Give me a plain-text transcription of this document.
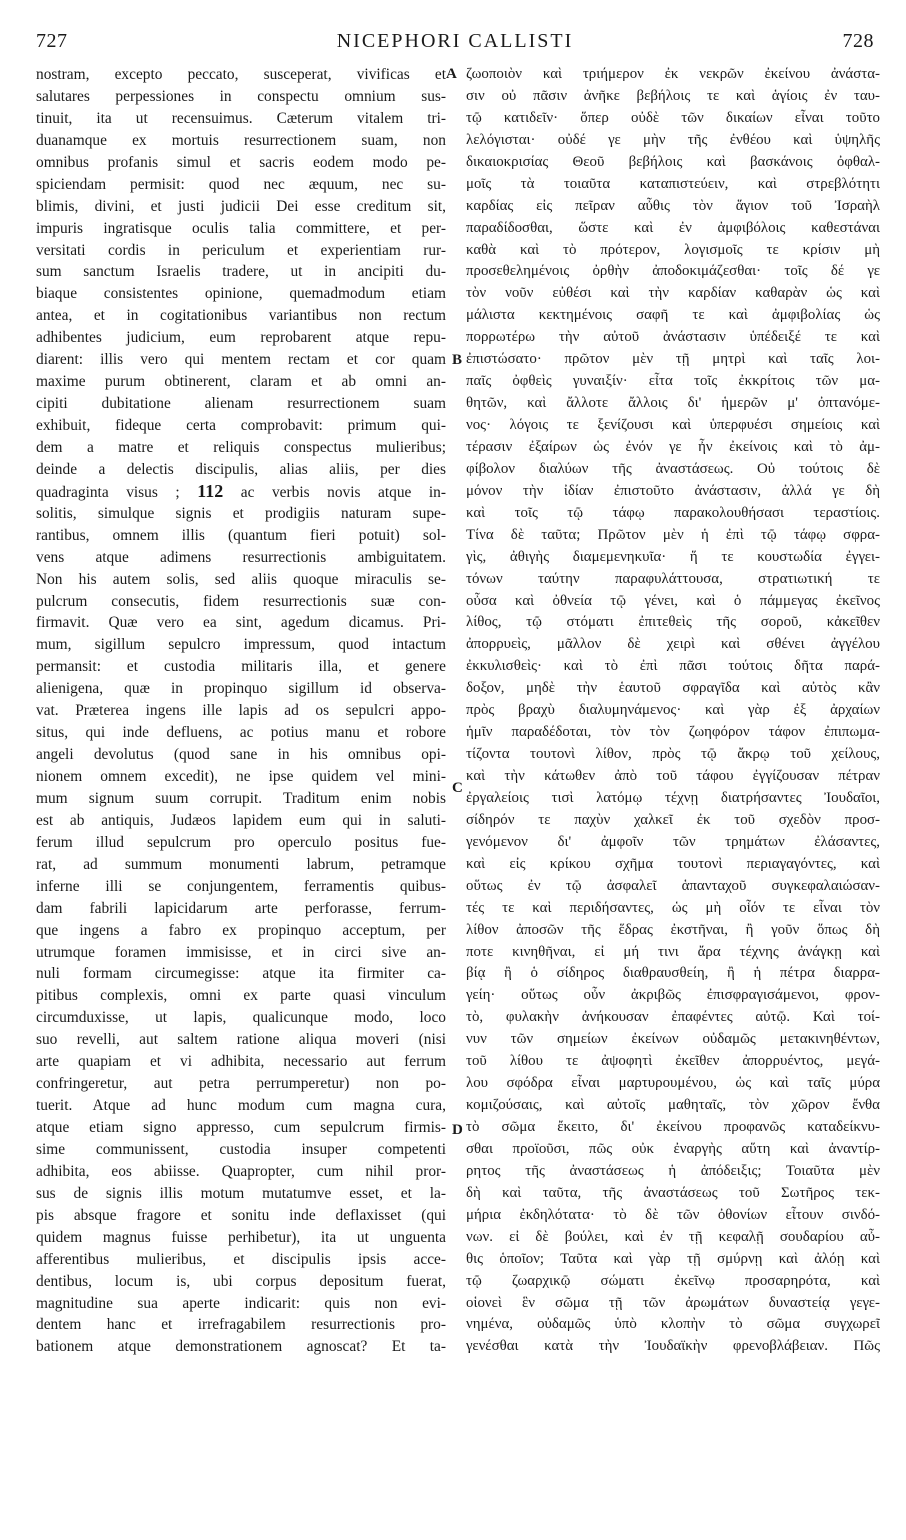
727	NICEPHORI CALLISTI	728
nostram, excepto peccato, susceperat, vivificas et
salutares perpessiones in conspectu omnium sus-
tinuit, ita ut recensuimus. Cæterum vitalem tri-
duanamque ex mortuis resurrectionem suam, non
omnibus profanis simul et sacris eodem modo pe-
spiciendam permisit: quod nec æquum, nec su-
blimis, divini, et justi judicii Dei esse creditum sit,
impuris ingratisque oculis talia committere, et per-
versitati cordis in periculum et experientiam rur-
sum sanctum Israelis tradere, ut in ancipiti du-
biaque consistentes opinione, quemadmodum etiam
antea, et in cogitationibus variantibus non rectum
adhibentes judicium, eum reprobarent atque repu-
diarent: illis vero qui mentem rectam et cor quam
maxime purum obtinerent, claram et ab omni an-
cipiti dubitatione alienam resurrectionem suam
exhibuit, fideque certa comprobavit: primum qui-
dem a matre et reliquis conspectus mulieribus;
deinde a delectis discipulis, alias aliis, per dies
quadraginta visus ; 112 ac verbis novis atque in-
solitis, simulque signis et prodigiis naturam supe-
rantibus, omnem illis (quantum fieri potuit) sol-
vens atque adimens resurrectionis ambiguitatem.
Non his autem solis, sed aliis quoque miraculis se-
pulcrum consecutis, fidem resurrectionis suæ con-
firmavit. Quæ vero ea sint, agedum dicamus. Pri-
mum, sigillum sepulcro impressum, quod intactum
permansit: et custodia militaris illa, et genere
alienigena, quæ in propinquo sigillum id observa-
vat. Præterea ingens ille lapis ad os sepulcri appo-
situs, qui inde defluens, ac potius manu et robore
angeli devolutus (quod sane in his omnibus opi-
nionem omnem excedit), ne ipse quidem vel mini-
mum signum suum corrupit. Traditum enim nobis
est ab antiquis, Judæos lapidem eum qui in saluti-
ferum illud sepulcrum pro operculo positus fue-
rat, ad summum monumenti labrum, petramque
inferne illi se conjungentem, ferramentis quibus-
dam fabrili lapicidarum arte perforasse, ferrum-
que ingens a fabro ex propinquo acceptum, per
utrumque foramen immisisse, et in circi sive an-
nuli formam circumegisse: atque ita firmiter ca-
pitibus complexis, omni ex parte quasi vinculum
circumduxisse, ut lapis, qualicunque modo, loco
suo revelli, aut saltem ratione aliqua moveri (nisi
arte quapiam et vi adhibita, necessario aut ferrum
confringeretur, aut petra perrumperetur) non po-
tuerit. Atque ad hunc modum cum magna cura,
atque etiam signo appresso, cum sepulcrum firmis-
sime communissent, custodia insuper competenti
adhibita, eos abiisse. Quapropter, cum nihil pror-
sus de signis illis motum mutatumve esset, et la-
pis absque fragore et sonitu inde deflaxisset (qui
quidem magnus fuisse perhibetur), ita ut unguenta
afferentibus mulieribus, et discipulis ipsis acce-
dentibus, locum is, ubi corpus depositum fuerat,
magnitudine sua aperte indicarit: quis non evi-
dentem hanc et irrefragabilem resurrectionis pro-
bationem atque demonstrationem agnoscat? Et ta-
ζωοποιὸν καὶ τριήμερον ἐκ νεκρῶν ἐκείνου ἀνάστα-
σιν οὐ πᾶσιν ἀνῆκε βεβήλοις τε καὶ ἁγίοις ἐν ταυ-
τῷ κατιδεῖν· ὅπερ οὐδὲ τῶν δικαίων εἶναι τοῦτο
λελόγισται· οὐδέ γε μὴν τῆς ἐνθέου καὶ ὑψηλῆς
δικαιοκρισίας Θεοῦ βεβήλοις καὶ βασκάνοις ὀφθαλ-
μοῖς τὰ τοιαῦτα καταπιστεύειν, καὶ στρεβλότητι
καρδίας εἰς πεῖραν αὖθις τὸν ἅγιον τοῦ Ἰσραὴλ
παραδίδοσθαι, ὥστε καὶ ἐν ἀμφιβόλοις καθεστάναι
καθὰ καὶ τὸ πρότερον, λογισμοῖς τε κρίσιν μὴ
προσεθελημένοις ὀρθὴν ἀποδοκιμάζεσθαι· τοῖς δέ γε
τὸν νοῦν εὐθέσι καὶ τὴν καρδίαν καθαρὰν ὡς καὶ
μάλιστα κεκτημένοις σαφῆ τε καὶ ἀμφιβολίας ὡς
πορρωτέρω τὴν αὐτοῦ ἀνάστασιν ὑπέδειξέ τε καὶ
ἐπιστώσατο· πρῶτον μὲν τῇ μητρὶ καὶ ταῖς λοι-
παῖς ὀφθεὶς γυναιξίν· εἶτα τοῖς ἐκκρίτοις τῶν μα-
θητῶν, καὶ ἄλλοτε ἄλλοις δι' ἡμερῶν μ' ὀπτανόμε-
νος· λόγοις τε ξενίζουσι καὶ ὑπερφυέσι σημείοις καὶ
τέρασιν ἐξαίρων ὡς ἐνόν γε ἦν ἐκείνοις καὶ τὸ ἀμ-
φίβολον διαλύων τῆς ἀναστάσεως. Οὐ τούτοις δὲ
μόνον τὴν ἰδίαν ἐπιστοῦτο ἀνάστασιν, ἀλλά γε δὴ
καὶ τοῖς τῷ τάφῳ παρακολουθήσασι τεραστίοις.
Τίνα δὲ ταῦτα; Πρῶτον μὲν ἡ ἐπὶ τῷ τάφῳ σφρα-
γὶς, ἀθιγὴς διαμεμενηκυῖα· ἥ τε κουστωδία ἐγγει-
τόνων ταύτην παραφυλάττουσα, στρατιωτική τε
οὖσα καὶ ὀθνεία τῷ γένει, καὶ ὁ πάμμεγας ἐκεῖνος
λίθος, τῷ στόματι ἐπιτεθεὶς τῆς σοροῦ, κἀκεῖθεν
ἀπορρυεὶς, μᾶλλον δὲ χειρὶ καὶ σθένει ἀγγέλου
ἐκκυλισθεὶς· καὶ τὸ ἐπὶ πᾶσι τούτοις δῆτα παρά-
δοξον, μηδὲ τὴν ἑαυτοῦ σφραγῖδα καὶ αὐτὸς κἂν
πρὸς βραχὺ διαλυμηνάμενος· καὶ γὰρ ἐξ ἀρχαίων
ἡμῖν παραδέδοται, τὸν τὸν ζωηφόρον τάφον ἐπιπωμα-
τίζοντα τουτονὶ λίθον, πρὸς τῷ ἄκρῳ τοῦ χείλους,
καὶ τὴν κάτωθεν ἀπὸ τοῦ τάφου ἐγγίζουσαν πέτραν
ἐργαλείοις τισὶ λατόμῳ τέχνῃ διατρήσαντες Ἰουδαῖοι,
σίδηρόν τε παχὺν χαλκεῖ ἐκ τοῦ σχεδὸν προσ-
γενόμενον δι' ἀμφοῖν τῶν τρημάτων ἐλάσαντες,
καὶ εἰς κρίκου σχῆμα τουτονὶ περιαγαγόντες, καὶ
οὕτως ἐν τῷ ἀσφαλεῖ ἁπανταχοῦ συγκεφαλαιώσαν-
τές τε καὶ περιδήσαντες, ὡς μὴ οἷόν τε εἶναι τὸν
λίθον ἀποσῶν τῆς ἕδρας ἐκστῆναι, ἢ γοῦν ὅπως δὴ
ποτε κινηθῆναι, εἰ μή τινι ἄρα τέχνης ἀνάγκῃ καὶ
βίᾳ ἢ ὁ σίδηρος διαθραυσθείη, ἢ ἡ πέτρα διαρρα-
γείη· οὕτως οὖν ἀκριβῶς ἐπισφραγισάμενοι, φρον-
τὸ, φυλακὴν ἀνήκουσαν ἐπαφέντες αὐτῷ. Καὶ τοί-
νυν τῶν σημείων ἐκείνων οὐδαμῶς μετακινηθέντων,
τοῦ λίθου τε ἀψοφητὶ ἐκεῖθεν ἀπορρυέντος, μεγά-
λου σφόδρα εἶναι μαρτυρουμένου, ὡς καὶ ταῖς μύρα
κομιζούσαις, καὶ αὐτοῖς μαθηταῖς, τὸν χῶρον ἔνθα
τὸ σῶμα ἔκειτο, δι' ἐκείνου προφανῶς καταδείκνυ-
σθαι προϊοῦσι, πῶς οὐκ ἐναργὴς αὕτη καὶ ἀναντίρ-
ρητος τῆς ἀναστάσεως ἡ ἀπόδειξις; Τοιαῦτα μὲν
δὴ καὶ ταῦτα, τῆς ἀναστάσεως τοῦ Σωτῆρος τεκ-
μήρια ἐκδηλότατα· τὸ δὲ τῶν ὀθονίων εἶτουν σινδό-
νων. εἰ δὲ βούλει, καὶ ἐν τῇ κεφαλῇ σουδαρίου αὖ-
θις ὁποῖον; Ταῦτα καὶ γὰρ τῇ σμύρνῃ καὶ ἀλόῃ καὶ
τῷ ζωαρχικῷ σώματι ἐκεῖνῳ προσαρηρότα, καὶ
οἱονεὶ ἓν σῶμα τῇ τῶν ἀρωμάτων δυναστείᾳ γεγε-
νημένα, οὐδαμῶς ὑπὸ κλοπὴν τὸ σῶμα συγχωρεῖ
γενέσθαι κατὰ τὴν Ἰουδαϊκὴν φρενοβλάβειαν. Πῶς
A
B
C
D
